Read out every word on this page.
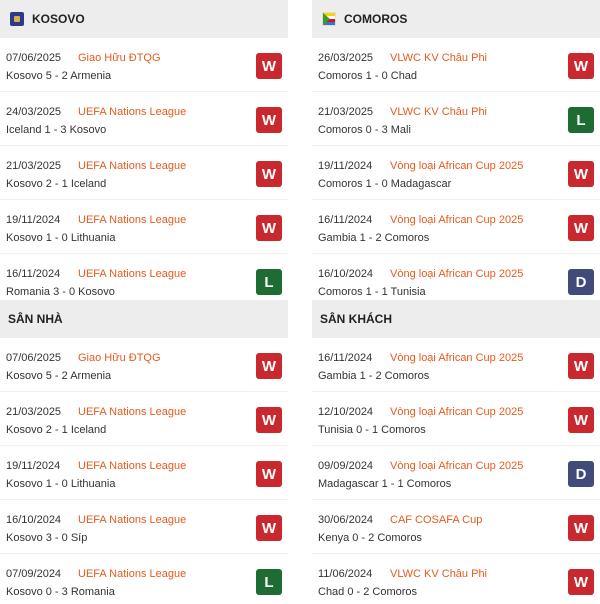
KOSOVO
07/06/2025 Giao Hữu ĐTQG
Kosovo 5 - 2 Armenia
W
24/03/2025 UEFA Nations League
Iceland 1 - 3 Kosovo
W
21/03/2025 UEFA Nations League
Kosovo 2 - 1 Iceland
W
19/11/2024 UEFA Nations League
Kosovo 1 - 0 Lithuania
W
16/11/2024 UEFA Nations League
Romania 3 - 0 Kosovo
L
COMOROS
26/03/2025 VLWC KV Châu Phi
Comoros 1 - 0 Chad
W
21/03/2025 VLWC KV Châu Phi
Comoros 0 - 3 Mali
L
19/11/2024 Vòng loại African Cup 2025
Comoros 1 - 0 Madagascar
W
16/11/2024 Vòng loại African Cup 2025
Gambia 1 - 2 Comoros
W
16/10/2024 Vòng loại African Cup 2025
Comoros 1 - 1 Tunisia
D
SÂN NHÀ
07/06/2025 Giao Hữu ĐTQG
Kosovo 5 - 2 Armenia
W
21/03/2025 UEFA Nations League
Kosovo 2 - 1 Iceland
W
19/11/2024 UEFA Nations League
Kosovo 1 - 0 Lithuania
W
16/10/2024 UEFA Nations League
Kosovo 3 - 0 Síp
W
07/09/2024 UEFA Nations League
Kosovo 0 - 3 Romania
L
SÂN KHÁCH
16/11/2024 Vòng loại African Cup 2025
Gambia 1 - 2 Comoros
W
12/10/2024 Vòng loại African Cup 2025
Tunisia 0 - 1 Comoros
W
09/09/2024 Vòng loại African Cup 2025
Madagascar 1 - 1 Comoros
D
30/06/2024 CAF COSAFA Cup
Kenya 0 - 2 Comoros
W
11/06/2024 VLWC KV Châu Phi
Chad 0 - 2 Comoros
W
